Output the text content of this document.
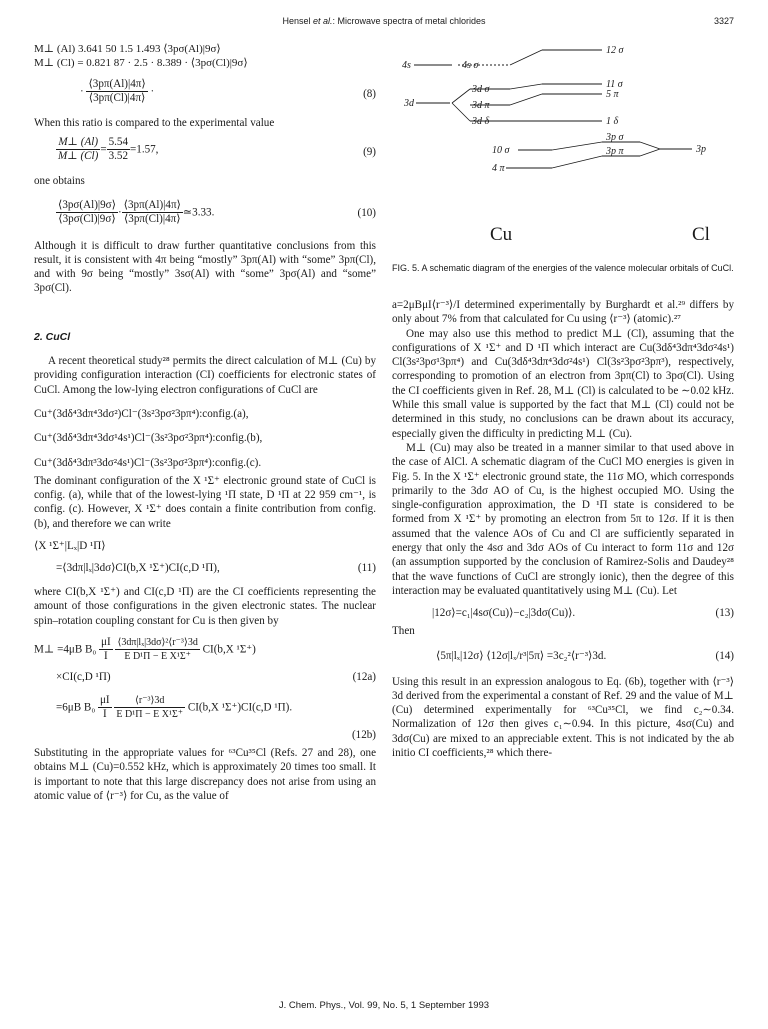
Hensel et al.: Microwave spectra of metal chlorides	3327
M⊥ (Al) 3.641 50 1.5 1.493 ⟨3pσ(Al)|9σ⟩
M⊥ (Cl) = 0.821 87 · 2.5 · 8.389 · ⟨3pσ(Cl)|9σ⟩
· $\frac{⟨3p\pi(Al)|4\pi⟩}{⟨3p\pi(Cl)|4\pi⟩}$ ·	(8)

When this ratio is compared to the experimental value

$\frac{M\perp (Al)}{M\perp (Cl)} = \frac{5.54}{3.52} =1.57$,	(9)

one obtains

$\frac{⟨3p\sigma(Al)|9\sigma⟩}{⟨3p\sigma(Cl)|9\sigma⟩} \cdot \frac{⟨3p\pi(Al)|4\pi⟩}{⟨3p\pi(Cl)|4\pi⟩}$ ≃3.33.	(10)

Although it is difficult to draw further quantitative conclusions from this result, it is consistent with 4π being “mostly” 3pπ(Al) with “some” 3pπ(Cl), and with 9σ being “mostly” 3sσ(Al) with “some” 3pσ(Al) and “some” 3pσ(Cl).

2. CuCl

A recent theoretical study²⁸ permits the direct calculation of M⊥ (Cu) by providing configuration interaction (CI) coefficients for electronic states of CuCl. Among the low-lying electron configurations of CuCl are

Cu⁺(3dδ⁴3dπ⁴3dσ²)Cl⁻(3s²3pσ²3pπ⁴):config.(a),
Cu⁺(3dδ⁴3dπ⁴3dσ¹4s¹)Cl⁻(3s²3pσ²3pπ⁴):config.(b),
Cu⁺(3dδ⁴3dπ³3dσ²4s¹)Cl⁻(3s²3pσ²3pπ⁴):config.(c).

The dominant configuration of the X ¹Σ⁺ electronic ground state of CuCl is config. (a), while that of the lowest-lying ¹Π state, D ¹Π at 22 959 cm⁻¹, is config. (c). However, X ¹Σ⁺ does contain a finite contribution from config. (b), and therefore we can write

⟨X ¹Σ⁺|Lₓ|D ¹Π⟩
=⟨3dπ|lₓ|3dσ⟩CI(b,X ¹Σ⁺)CI(c,D ¹Π),	(11)

where CI(b,X ¹Σ⁺) and CI(c,D ¹Π) are the CI coefficients representing the amount of those configurations in the given electronic states. The nuclear spin–rotation coupling constant for Cu is then given by

M⊥ =4μB $B_0 \frac{\mu I}{I}$
$\frac{\text{⟨3dπ|lₓ|3dσ⟩²⟨r⁻³⟩3d}}{\text{E D¹Π − E X¹Σ⁺}} CI(b,X$ ¹Σ⁺)
×CI(c,D ¹Π)	(12a)
=6μB $B_0 \frac{\mu I}{I}$
$\frac{\text{⟨r⁻³⟩3d}}{\text{E D¹Π − E X¹Σ⁺}} CI(b,X$ ¹Σ⁺)CI(c,D ¹Π).
(12b)

Substituting in the appropriate values for ⁶³Cu³⁵Cl (Refs. 27 and 28), one obtains M⊥ (Cu)=0.552 kHz, which is approximately 20 times too small. It is important to note that this large discrepancy does not arise from using an atomic value of ⟨r⁻³⟩ for Cu, as the value of

4s
3d
4s σ
3d σ
3d π
3d δ
12 σ
11 σ
5 π
1 δ
10 σ
4 π
3p σ
3p π	3p
Cu	Cl
FIG. 5. A schematic diagram of the energies of the valence molecular orbitals of CuCl.

a=2μBμI⟨r⁻³⟩/I determined experimentally by Burghardt et al.²⁹ differs by only about 7% from that calculated for Cu using ⟨r⁻³⟩ (atomic).²⁷

One may also use this method to predict M⊥ (Cl), assuming that the configurations of X ¹Σ⁺ and D ¹Π which interact are Cu(3dδ⁴3dπ⁴3dσ²4s¹) Cl(3s²3pσ¹3pπ⁴) and Cu(3dδ⁴3dπ⁴3dσ²4s¹) Cl(3s²3pσ²3pπ³), respectively, corresponding to promotion of an electron from 3pπ(Cl) to 3pσ(Cl). Using the CI coefficients given in Ref. 28, M⊥ (Cl) is calculated to be ∼0.02 kHz. While this small value is supported by the fact that M⊥ (Cl) could not be determined in this study, no conclusions can be drawn about its accuracy, especially given the difficulty in predicting M⊥ (Cu).

M⊥ (Cu) may also be treated in a manner similar to that used above in the case of AlCl. A schematic diagram of the CuCl MO energies is given in Fig. 5. In the X ¹Σ⁺ electronic ground state, the 11σ MO, which corresponds primarily to the 3dσ AO of Cu, is the highest occupied MO. Using the single-configuration approximation, the D ¹Π state is considered to be formed from X ¹Σ⁺ by promoting an electron from 5π to 12σ. If it is then assumed that the valence AOs of Cu and Cl are sufficiently separated in energy that only the 4sσ and 3dσ AOs of Cu interact to form 11σ and 12σ (an assumption supported by the conclusion of Ramirez-Solis and Daudey²⁸ that the wave functions of CuCl are strongly ionic), then the degree of this interaction may be evaluated quantitatively using M⊥ (Cu). Let

|12σ⟩=c₁|4sσ(Cu)⟩−c₂|3dσ(Cu)⟩.	(13)

Then

⟨5π|lₓ|12σ⟩ ⟨12σ|lₓ/r³|5π⟩ =3c₂²⟨r⁻³⟩3d.	(14)

Using this result in an expression analogous to Eq. (6b), together with ⟨r⁻³⟩3d derived from the experimental a constant of Ref. 29 and the value of M⊥ (Cu) determined experimentally for ⁶³Cu³⁵Cl, we find c₂∼0.34. Normalization of 12σ then gives c₁∼0.94. In this picture, 4sσ(Cu) and 3dσ(Cu) are mixed to an appreciable extent. This is not indicated by the ab initio CI coefficients,²⁸ which there-

J. Chem. Phys., Vol. 99, No. 5, 1 September 1993
